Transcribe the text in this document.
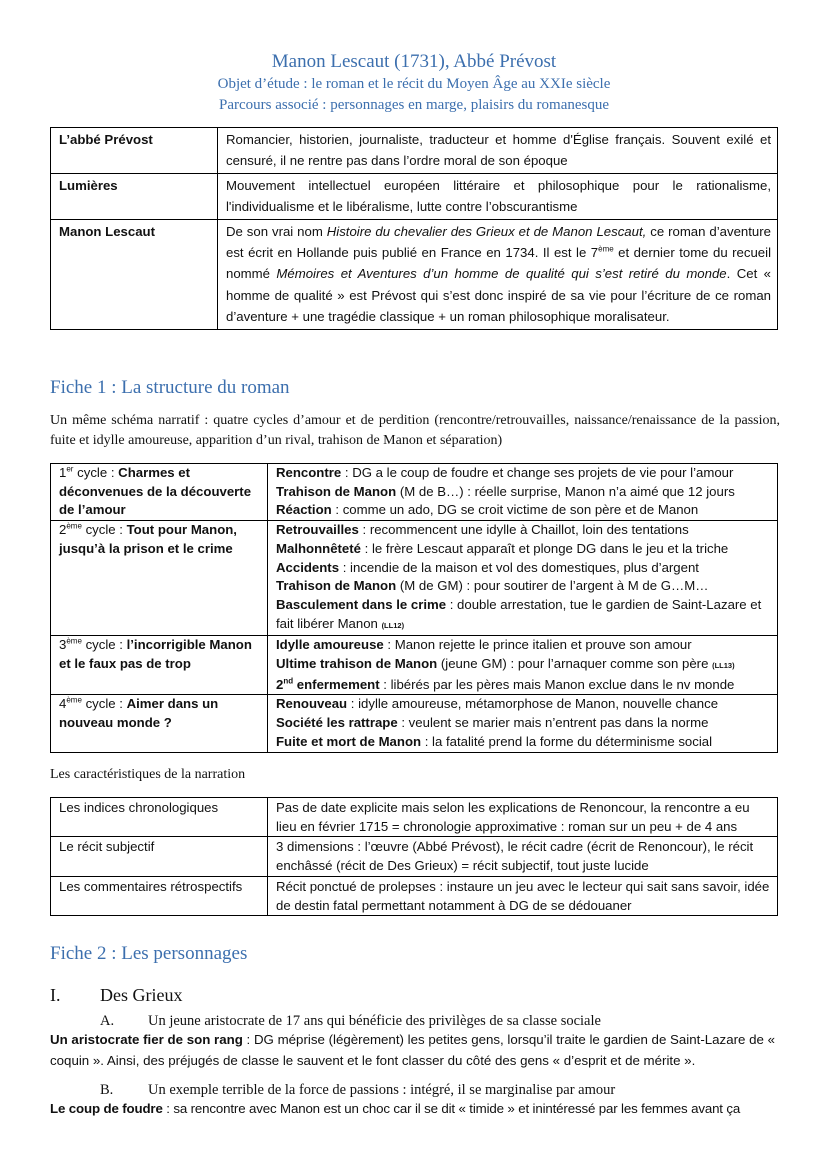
Manon Lescaut (1731), Abbé Prévost
Objet d’étude : le roman et le récit du Moyen Âge au XXIe siècle
Parcours associé : personnages en marge, plaisirs du romanesque
L’abbé Prévost	Romancier, historien, journaliste, traducteur et homme d'Église français. Souvent exilé et censuré, il ne rentre pas dans l’ordre moral de son époque
Lumières	Mouvement intellectuel européen littéraire et philosophique pour le rationalisme, l'individualisme et le libéralisme, lutte contre l’obscurantisme
Manon Lescaut	De son vrai nom Histoire du chevalier des Grieux et de Manon Lescaut, ce roman d’aventure est écrit en Hollande puis publié en France en 1734. Il est le 7ème et dernier tome du recueil nommé Mémoires et Aventures d’un homme de qualité qui s’est retiré du monde. Cet « homme de qualité » est Prévost qui s’est donc inspiré de sa vie pour l’écriture de ce roman d’aventure + une tragédie classique + un roman philosophique moralisateur.
Fiche 1 : La structure du roman
Un même schéma narratif : quatre cycles d’amour et de perdition (rencontre/retrouvailles, naissance/renaissance de la passion, fuite et idylle amoureuse, apparition d’un rival, trahison de Manon et séparation)
1er cycle : Charmes et déconvenues de la découverte de l’amour	Rencontre : DG a le coup de foudre et change ses projets de vie pour l’amour
Trahison de Manon (M de B…) : réelle surprise, Manon n’a aimé que 12 jours
Réaction : comme un ado, DG se croit victime de son père et de Manon

2ème cycle : Tout pour Manon, jusqu’à la prison et le crime	Retrouvailles : recommencent une idylle à Chaillot, loin des tentations
Malhonnêteté : le frère Lescaut apparaît et plonge DG dans le jeu et la triche
Accidents : incendie de la maison et vol des domestiques, plus d’argent
Trahison de Manon (M de GM) : pour soutirer de l’argent à M de G…M…
Basculement dans le crime : double arrestation, tue le gardien de Saint-Lazare et fait libérer Manon (LL12)

3ème cycle : l’incorrigible Manon et le faux pas de trop	Idylle amoureuse : Manon rejette le prince italien et prouve son amour
Ultime trahison de Manon (jeune GM) : pour l’arnaquer comme son père (LL13)
2nd enfermement : libérés par les pères mais Manon exclue dans le nv monde

4ème cycle : Aimer dans un nouveau monde ?	Renouveau : idylle amoureuse, métamorphose de Manon, nouvelle chance
Société les rattrape : veulent se marier mais n’entrent pas dans la norme
Fuite et mort de Manon : la fatalité prend la forme du déterminisme social
Les caractéristiques de la narration
Les indices chronologiques	Pas de date explicite mais selon les explications de Renoncour, la rencontre a eu lieu en février 1715 = chronologie approximative : roman sur un peu + de 4 ans
Le récit subjectif	3 dimensions : l’œuvre (Abbé Prévost), le récit cadre (écrit de Renoncour), le récit enchâssé (récit de Des Grieux) = récit subjectif, tout juste lucide
Les commentaires rétrospectifs	Récit ponctué de prolepses : instaure un jeu avec le lecteur qui sait sans savoir, idée de destin fatal permettant notamment à DG de se dédouaner
Fiche 2 : Les personnages
I. Des Grieux
A. Un jeune aristocrate de 17 ans qui bénéficie des privilèges de sa classe sociale
Un aristocrate fier de son rang : DG méprise (légèrement) les petites gens, lorsqu’il traite le gardien de Saint-Lazare de « coquin ». Ainsi, des préjugés de classe le sauvent et le font classer du côté des gens « d’esprit et de mérite ».
B. Un exemple terrible de la force de passions : intégré, il se marginalise par amour
Le coup de foudre : sa rencontre avec Manon est un choc car il se dit « timide » et inintéressé par les femmes avant ça
